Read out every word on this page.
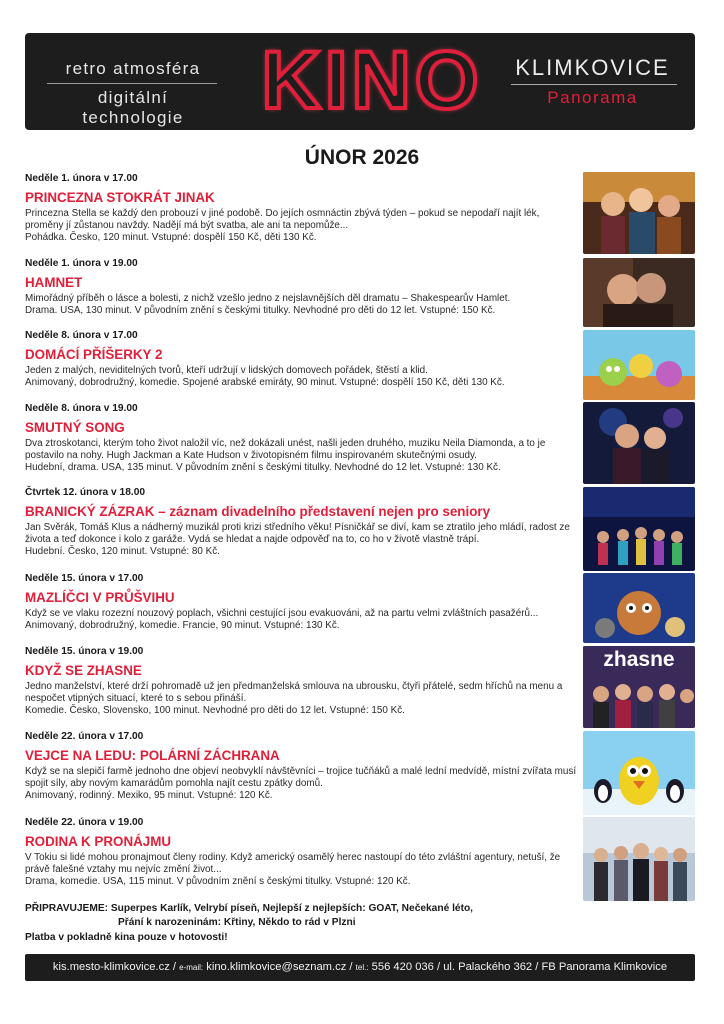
retro atmosféra
digitální technologie KINO	KLIMKOVICE
Panorama
ÚNOR 2026
Neděle 1. února v 17.00
PRINCEZNA STOKRÁT JINAK
Princezna Stella se každý den probouzí v jiné podobě. Do jejích osmnáctin zbývá týden – pokud se nepodaří najít lék, proměny jí zůstanou navždy. Nadějí má být svatba, ale ani ta nepomůže...
Pohádka. Česko, 120 minut. Vstupné: dospělí 150 Kč, děti 130 Kč.
Neděle 1. února v 19.00
HAMNET
Mimořádný příběh o lásce a bolesti, z nichž vzešlo jedno z nejslavnějších děl dramatu – Shakespearův Hamlet.
Drama. USA, 130 minut. V původním znění s českými titulky. Nevhodné pro děti do 12 let. Vstupné: 150 Kč.
Neděle 8. února v 17.00
DOMÁCÍ PŘÍŠERKY 2
Jeden z malých, neviditelných tvorů, kteří udržují v lidských domovech pořádek, štěstí a klid.
Animovaný, dobrodružný, komedie. Spojené arabské emiráty, 90 minut. Vstupné: dospělí 150 Kč, děti 130 Kč.
Neděle 8. února v 19.00
SMUTNÝ SONG
Dva ztroskotanci, kterým toho život naložil víc, než dokázali unést, našli jeden druhého, muziku Neila Diamonda, a to je postavilo na nohy. Hugh Jackman a Kate Hudson v životopisném filmu inspirovaném skutečnými osudy.
Hudební, drama. USA, 135 minut. V původním znění s českými titulky. Nevhodné do 12 let. Vstupné: 130 Kč.
Čtvrtek 12. února v 18.00
BRANICKÝ ZÁZRAK – záznam divadelního představení nejen pro seniory
Jan Svěrák, Tomáš Klus a nádherný muzikál proti krizi středního věku! Písničkář se diví, kam se ztratilo jeho mládí, radost ze života a teď dokonce i kolo z garáže. Vydá se hledat a najde odpověď na to, co ho v životě vlastně trápí.
Hudební. Česko, 120 minut. Vstupné: 80 Kč.
Neděle 15. února v 17.00
MAZLÍČCI V PRŮŠVIHU
Když se ve vlaku rozezní nouzový poplach, všichni cestující jsou evakuováni, až na partu velmi zvláštních pasažérů...
Animovaný, dobrodružný, komedie. Francie, 90 minut. Vstupné: 130 Kč.
Neděle 15. února v 19.00
KDYŽ SE ZHASNE
Jedno manželství, které drží pohromadě už jen předmanželská smlouva na ubrousku, čtyři přátelé, sedm hříchů na menu a nespočet vtipných situací, které to s sebou přináší.
Komedie. Česko, Slovensko, 100 minut. Nevhodné pro děti do 12 let. Vstupné: 150 Kč.
zhasne
Neděle 22. února v 17.00
VEJCE NA LEDU: POLÁRNÍ ZÁCHRANA
Když se na slepičí farmě jednoho dne objeví neobvyklí návštěvníci – trojice tučňáků a malé lední medvídě, místní zvířata musí spojit síly, aby novým kamarádům pomohla najít cestu zpátky domů.
Animovaný, rodinný. Mexiko, 95 minut. Vstupné: 120 Kč.
Neděle 22. února v 19.00
RODINA K PRONÁJMU
V Tokiu si lidé mohou pronajmout členy rodiny. Když americký osamělý herec nastoupí do této zvláštní agentury, netuší, že právě falešné vztahy mu nejvíc změní život...
Drama, komedie. USA, 115 minut. V původním znění s českými titulky. Vstupné: 120 Kč.
PŘIPRAVUJEME: Superpes Karlík, Velrybí píseň, Nejlepší z nejlepších: GOAT, Nečekané léto,
Přání k narozeninám: Křtiny, Někdo to rád v Plzni
Platba v pokladně kina pouze v hotovosti!
kis.mesto-klimkovice.cz / e-mail: kino.klimkovice@seznam.cz / tel.: 556 420 036 / ul. Palackého 362 / FB Panorama Klimkovice
